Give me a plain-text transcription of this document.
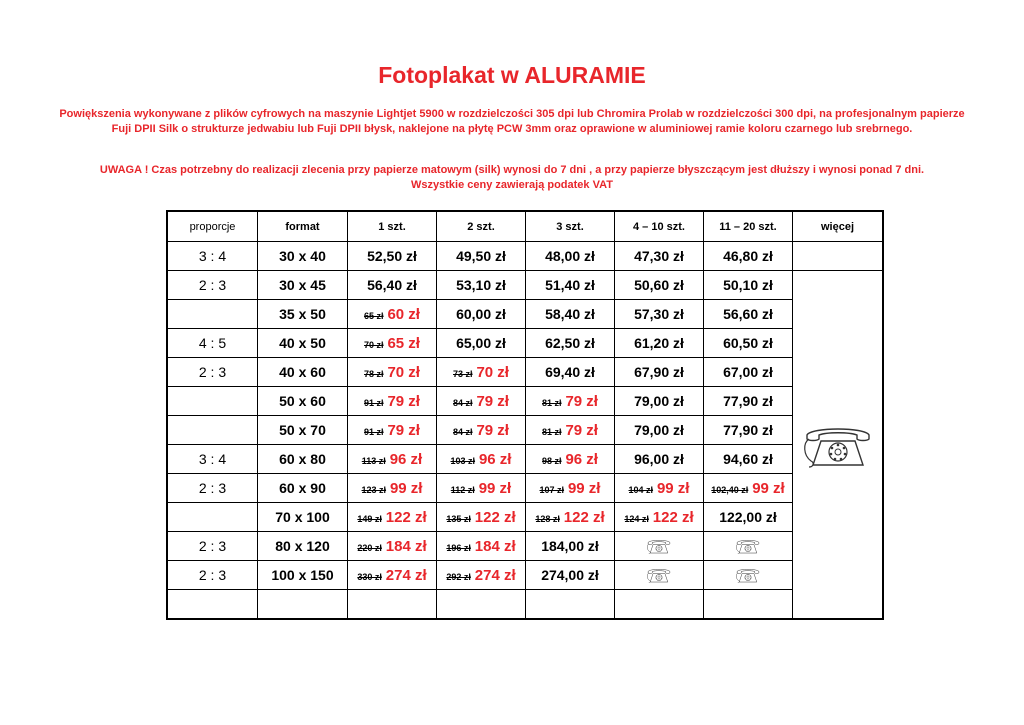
Fotoplakat w ALURAMIE
Powiększenia wykonywane z plików cyfrowych na maszynie Lightjet 5900 w rozdzielczości 305 dpi lub Chromira Prolab w rozdzielczości 300 dpi, na profesjonalnym papierze Fuji DPII Silk o strukturze jedwabiu lub Fuji DPII błysk, naklejone na płytę PCW 3mm oraz oprawione w aluminiowej ramie koloru czarnego lub srebrnego.
UWAGA ! Czas potrzebny do realizacji zlecenia przy papierze matowym (silk) wynosi do 7 dni , a przy papierze błyszczącym jest dłuższy i wynosi ponad 7 dni.
Wszystkie ceny zawierają podatek VAT
proporcje	format	1 szt.	2 szt.	3 szt.	4 – 10 szt.	11 – 20 szt.	więcej
3 : 4	30 x 40	52,50 zł	49,50 zł	48,00 zł	47,30 zł	46,80 zł	
2 : 3	30 x 45	56,40 zł	53,10 zł	51,40 zł	50,60 zł	50,10 zł	

	35 x 50	65 zł 60 zł	60,00 zł	58,40 zł	57,30 zł	56,60 zł	
4 : 5	40 x 50	70 zł 65 zł	65,00 zł	62,50 zł	61,20 zł	60,50 zł	
2 : 3	40 x 60	78 zł 70 zł	73 zł 70 zł	69,40 zł	67,90 zł	67,00 zł	
	50 x 60	91 zł 79 zł	84 zł 79 zł	81 zł 79 zł	79,00 zł	77,90 zł	
	50 x 70	91 zł 79 zł	84 zł 79 zł	81 zł 79 zł	79,00 zł	77,90 zł	
3 : 4	60 x 80	113 zł 96 zł	103 zł 96 zł	98 zł 96 zł	96,00 zł	94,60 zł	
2 : 3	60 x 90	123 zł 99 zł	112 zł 99 zł	107 zł 99 zł	104 zł 99 zł	102,40 zł 99 zł	
	70 x 100	149 zł 122 zł	135 zł 122 zł	128 zł 122 zł	124 zł 122 zł	122,00 zł	
2 : 3	80 x 120	220 zł 184 zł	196 zł 184 zł	184,00 zł	

2 : 3	100 x 150	330 zł 274 zł	292 zł 274 zł	274,00 zł	
